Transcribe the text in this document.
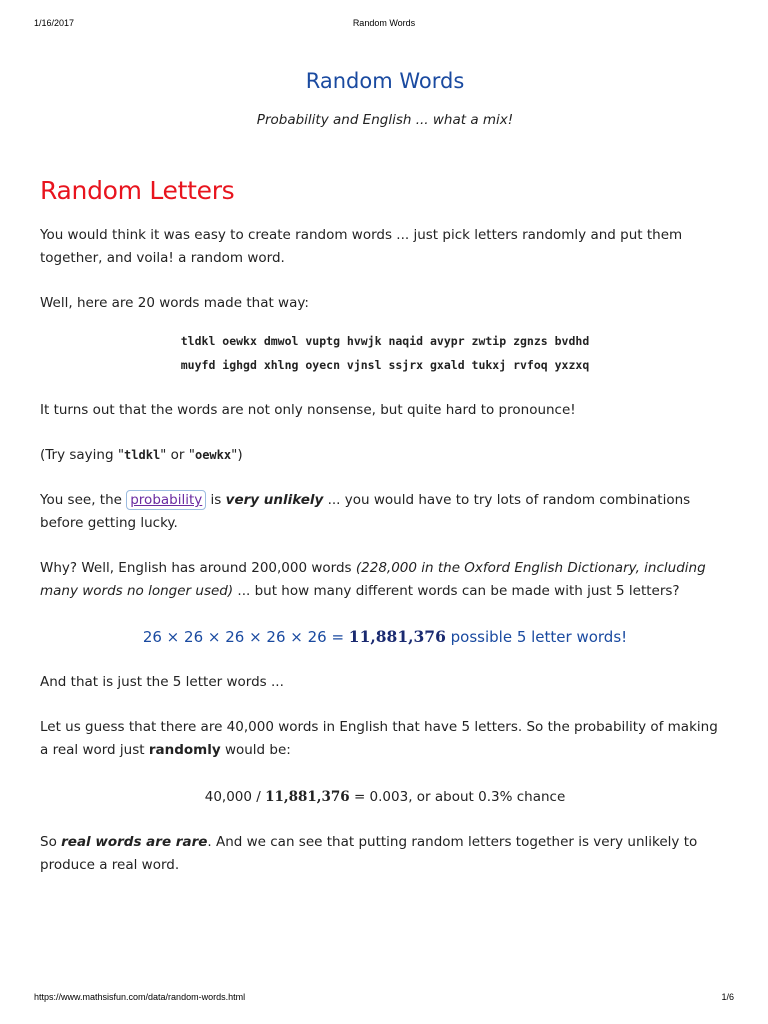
1/16/2017	Random Words
Random Words
Probability and English ... what a mix!
Random Letters

You would think it was easy to create random words ... just pick letters randomly and put them together, and voila! a random word.

Well, here are 20 words made that way:

tldkl oewkx dmwol vuptg hvwjk naqid avypr zwtip zgnzs bvdhd
muyfd ighgd xhlng oyecn vjnsl ssjrx gxald tukxj rvfoq yxzxq

It turns out that the words are not only nonsense, but quite hard to pronounce!

(Try saying "tldkl" or "oewkx")

You see, the probability is very unlikely ... you would have to try lots of random combinations before getting lucky.

Why? Well, English has around 200,000 words (228,000 in the Oxford English Dictionary, including many words no longer used) ... but how many different words can be made with just 5 letters?

26 × 26 × 26 × 26 × 26 = 11,881,376 possible 5 letter words!

And that is just the 5 letter words ...

Let us guess that there are 40,000 words in English that have 5 letters. So the probability of making a real word just randomly would be:

40,000 / 11,881,376 = 0.003, or about 0.3% chance

So real words are rare. And we can see that putting random letters together is very unlikely to produce a real word.

https://www.mathsisfun.com/data/random-words.html	1/6
